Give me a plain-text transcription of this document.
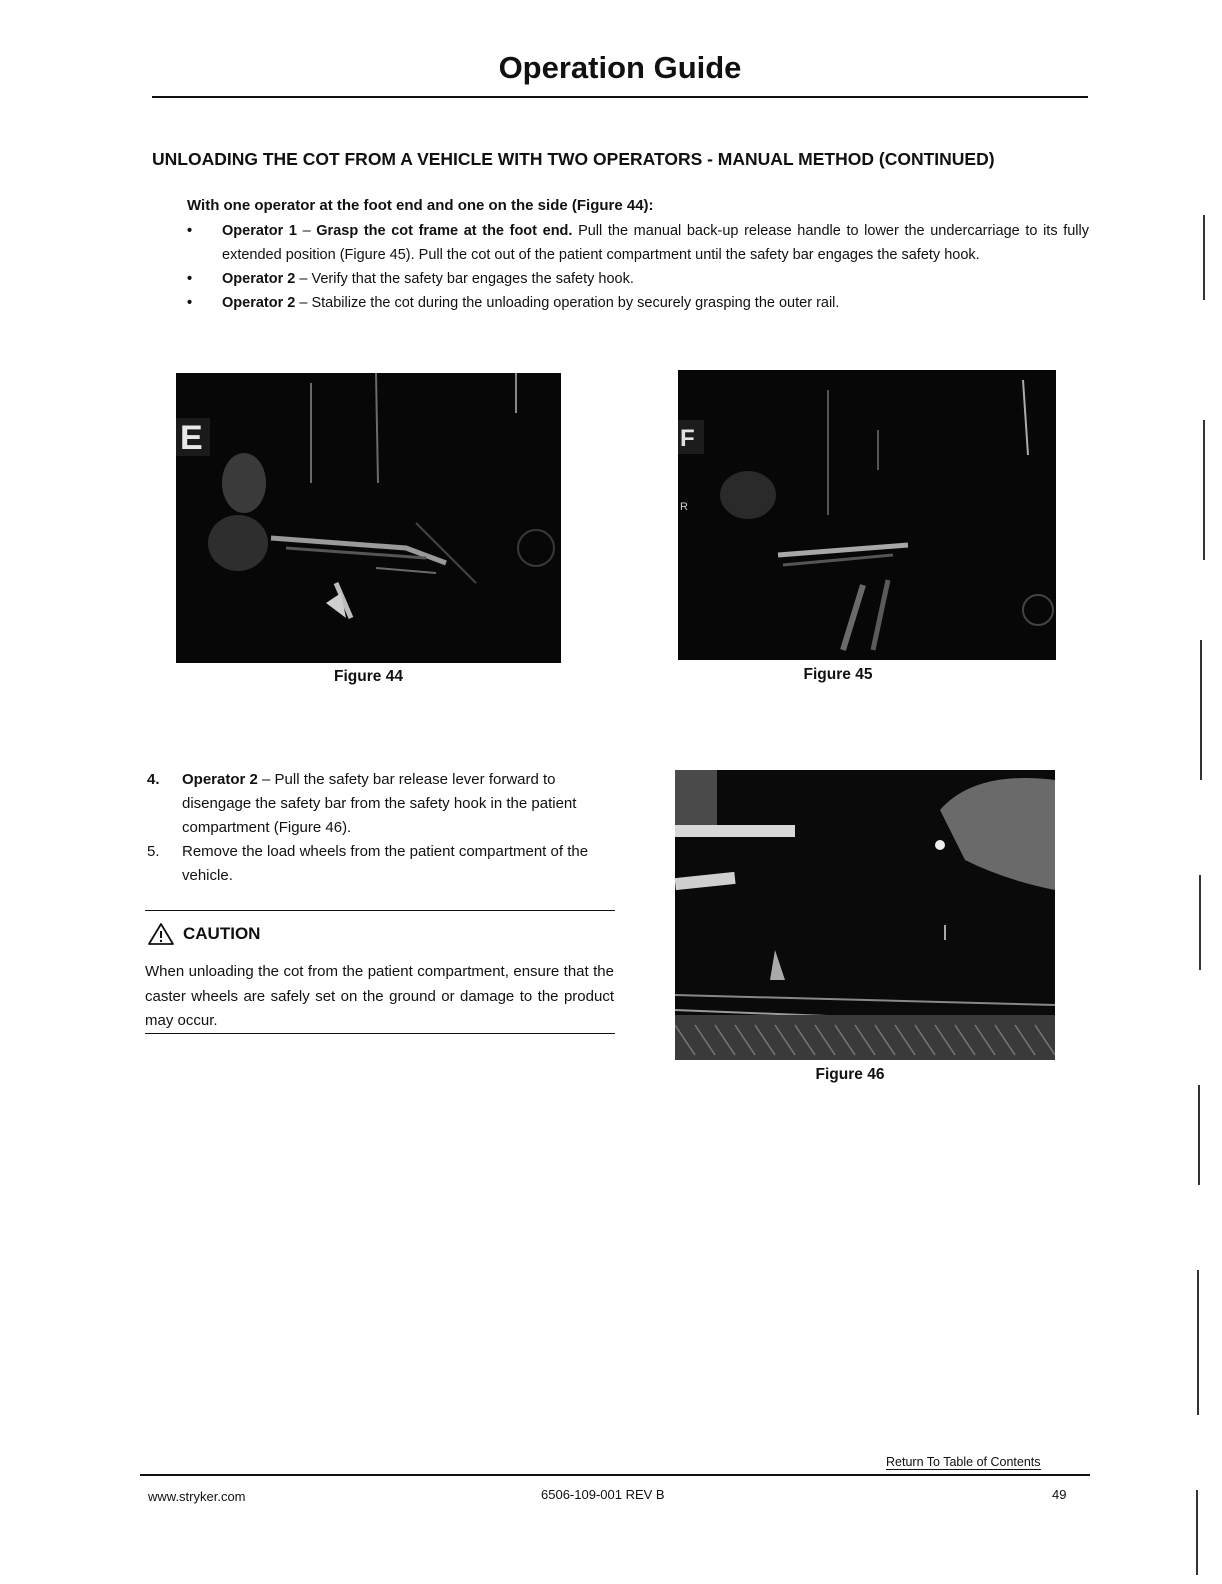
Operation Guide
UNLOADING THE COT FROM A VEHICLE WITH TWO OPERATORS - MANUAL METHOD (CONTINUED)
With one operator at the foot end and one on the side (Figure 44):
• Operator 1 – Grasp the cot frame at the foot end. Pull the manual back-up release handle to lower the undercarriage to its fully extended position (Figure 45). Pull the cot out of the patient compartment until the safety bar engages the safety hook.
• Operator 2 – Verify that the safety bar engages the safety hook.
• Operator 2 – Stabilize the cot during the unloading operation by securely grasping the outer rail.
E
Figure 44
F
R
Figure 45
4. Operator 2 – Pull the safety bar release lever forward to disengage the safety bar from the safety hook in the patient compartment (Figure 46).
5. Remove the load wheels from the patient compartment of the vehicle.
CAUTION
When unloading the cot from the patient compartment, ensure that the caster wheels are safely set on the ground or damage to the product may occur.
Figure 46
Return To Table of Contents
www.stryker.com	6506-109-001 REV B	49
